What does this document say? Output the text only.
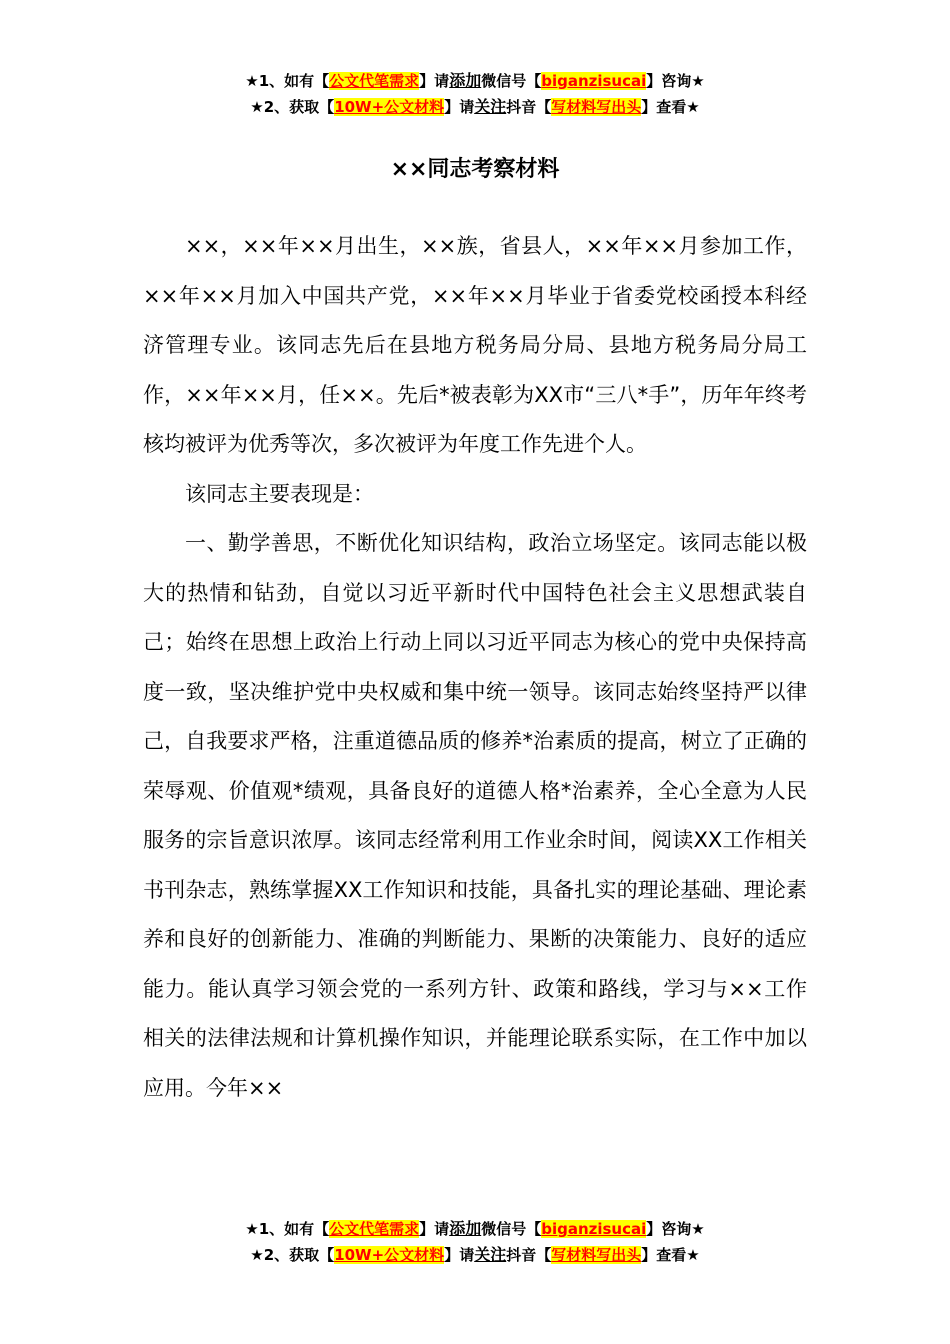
★1、如有【公文代笔需求】请添加微信号【biganzisucai】咨询★
★2、获取【10W+公文材料】请关注抖音【写材料写出头】查看★
××同志考察材料

××，××年××月出生，××族，省县人，××年××月参加工作，××年××月加入中国共产党，××年××月毕业于省委党校函授本科经济管理专业。该同志先后在县地方税务局分局、县地方税务局分局工作，××年××月，任××。先后*被表彰为XX市“三八*手”，历年年终考核均被评为优秀等次，多次被评为年度工作先进个人。

该同志主要表现是：

一、勤学善思，不断优化知识结构，政治立场坚定。该同志能以极大的热情和钻劲，自觉以习近平新时代中国特色社会主义思想武装自己；始终在思想上政治上行动上同以习近平同志为核心的党中央保持高度一致，坚决维护党中央权威和集中统一领导。该同志始终坚持严以律己，自我要求严格，注重道德品质的修养*治素质的提高，树立了正确的荣辱观、价值观*绩观，具备良好的道德人格*治素养，全心全意为人民服务的宗旨意识浓厚。该同志经常利用工作业余时间，阅读XX工作相关书刊杂志，熟练掌握XX工作知识和技能，具备扎实的理论基础、理论素养和良好的创新能力、准确的判断能力、果断的决策能力、良好的适应能力。能认真学习领会党的一系列方针、政策和路线，学习与××工作相关的法律法规和计算机操作知识，并能理论联系实际，在工作中加以应用。今年××

★1、如有【公文代笔需求】请添加微信号【biganzisucai】咨询★
★2、获取【10W+公文材料】请关注抖音【写材料写出头】查看★
